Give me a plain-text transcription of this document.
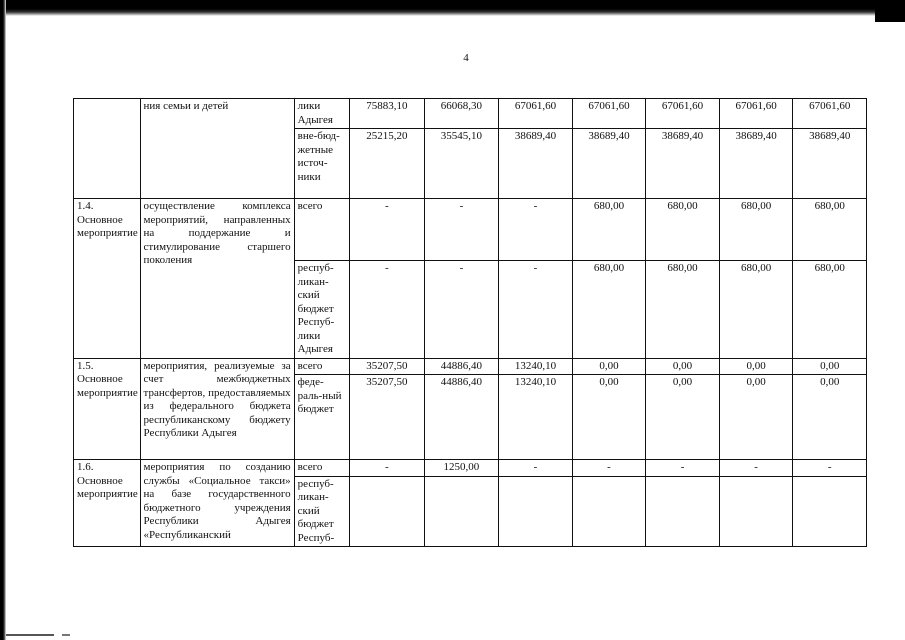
4
	ния семьи и детей	лики Адыгея	75883,10	66068,30	67061,60	67061,60	67061,60	67061,60	67061,60
		вне-бюд-жетные источ-ники	25215,20	35545,10	38689,40	38689,40	38689,40	38689,40	38689,40
1.4. Основное мероприятие	осуществление комплекса мероприятий, направленных на поддержание и стимулирование старшего поколения	всего	-	-	-	680,00	680,00	680,00	680,00
		респуб-ликан-ский бюджет Респуб-лики Адыгея	-	-	-	680,00	680,00	680,00	680,00
1.5. Основное мероприятие	мероприятия, реализуемые за счет межбюджетных трансфертов, предоставляемых из федерального бюджета республиканскому бюджету Республики Адыгея	всего	35207,50	44886,40	13240,10	0,00	0,00	0,00	0,00
		феде-раль-ный бюджет	35207,50	44886,40	13240,10	0,00	0,00	0,00	0,00
1.6. Основное мероприятие	мероприятия по созданию службы «Социальное такси» на базе государственного бюджетного учреждения Республики Адыгея «Республиканский	всего	-	1250,00	-	-	-	-	-
		респуб-ликан-ский бюджет Респуб-							
